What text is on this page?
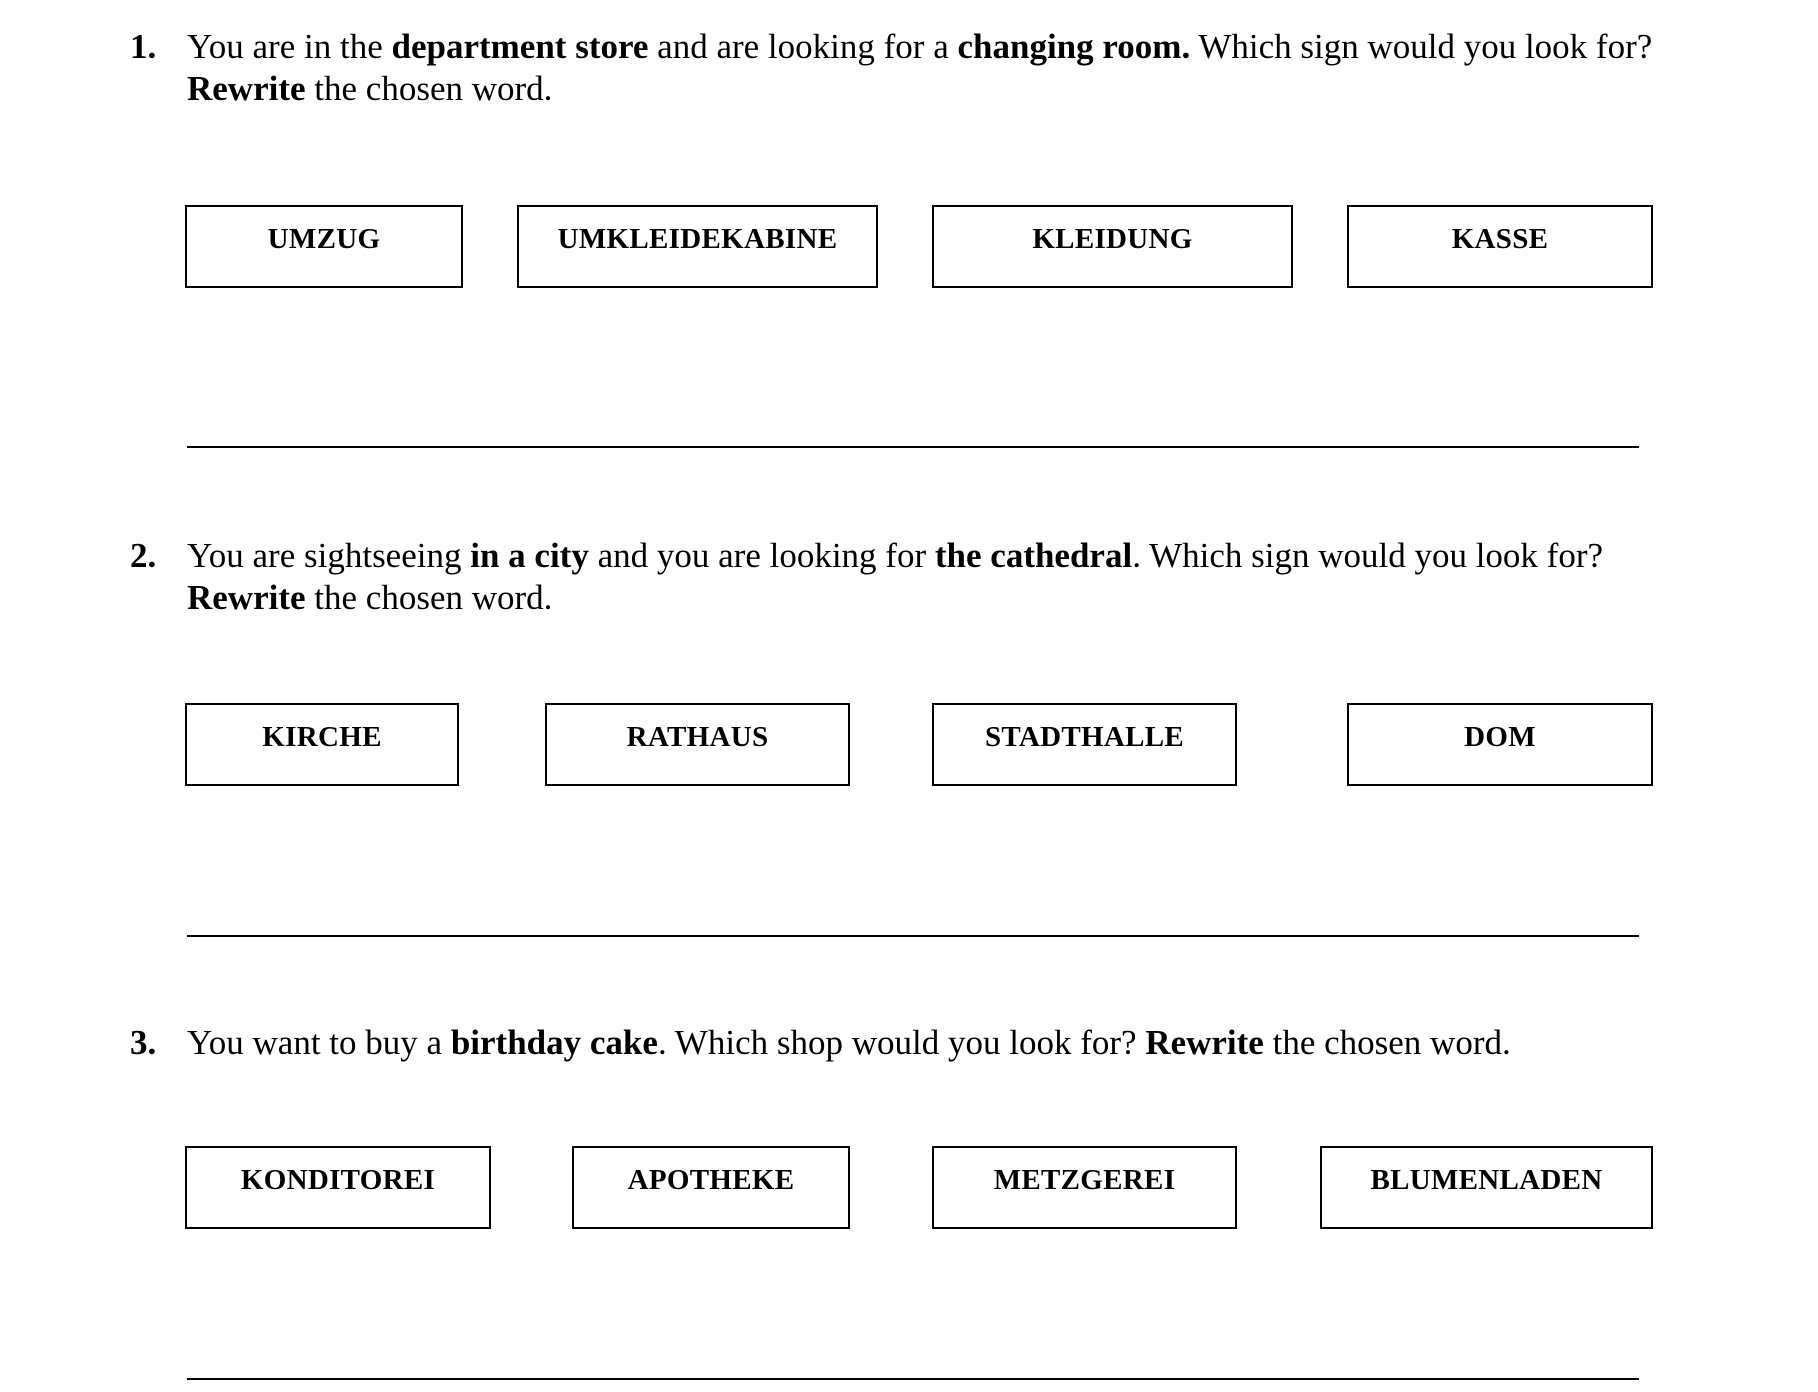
1. You are in the department store and are looking for a changing room. Which sign would you look for? Rewrite the chosen word.
UMZUG	UMKLEIDEKABINE	KLEIDUNG	KASSE
2. You are sightseeing in a city and you are looking for the cathedral. Which sign would you look for? Rewrite the chosen word.
KIRCHE	RATHAUS	STADTHALLE	DOM
3. You want to buy a birthday cake. Which shop would you look for? Rewrite the chosen word.
KONDITOREI	APOTHEKE	METZGEREI	BLUMENLADEN
